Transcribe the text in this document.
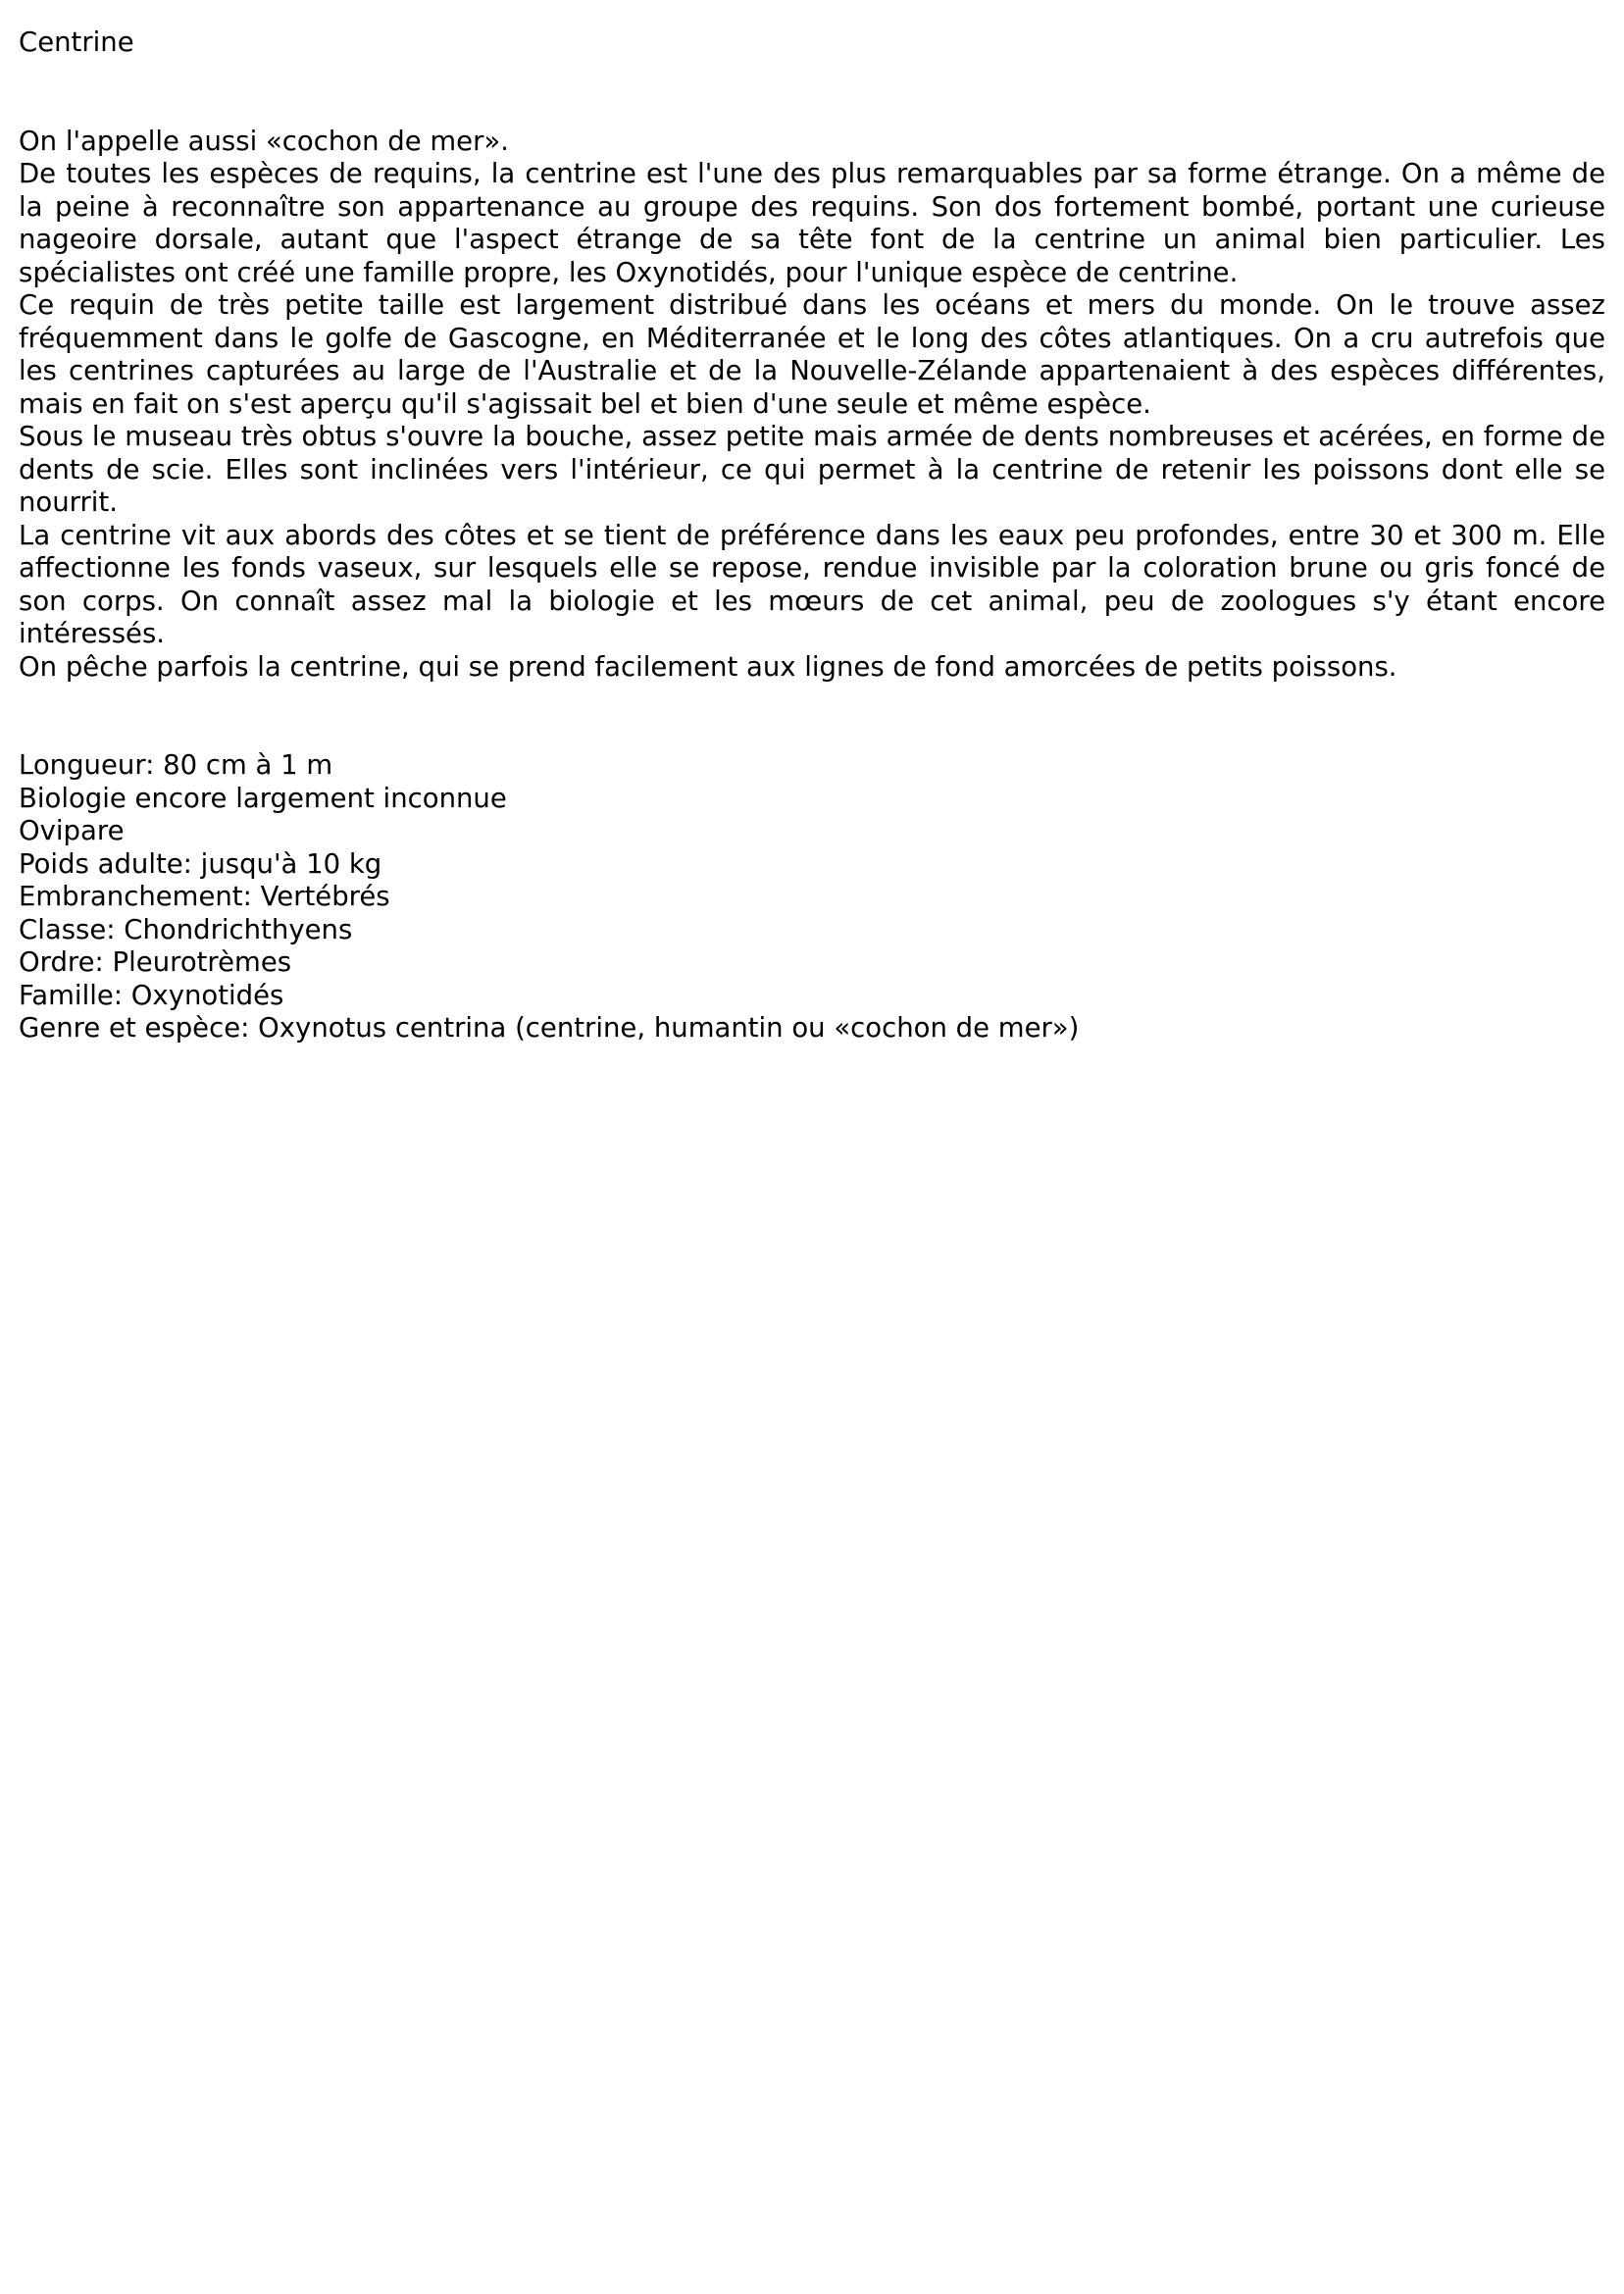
Centrine

On l'appelle aussi «cochon de mer».

De toutes les espèces de requins, la centrine est l'une des plus remarquables par sa forme étrange. On a même de la peine à reconnaître son appartenance au groupe des requins. Son dos fortement bombé, portant une curieuse nageoire dorsale, autant que l'aspect étrange de sa tête font de la centrine un animal bien particulier. Les spécialistes ont créé une famille propre, les Oxynotidés, pour l'unique espèce de centrine.

Ce requin de très petite taille est largement distribué dans les océans et mers du monde. On le trouve assez fréquemment dans le golfe de Gascogne, en Méditerranée et le long des côtes atlantiques. On a cru autrefois que les centrines capturées au large de l'Australie et de la Nouvelle-Zélande appartenaient à des espèces différentes, mais en fait on s'est aperçu qu'il s'agissait bel et bien d'une seule et même espèce.

Sous le museau très obtus s'ouvre la bouche, assez petite mais armée de dents nombreuses et acérées, en forme de dents de scie. Elles sont inclinées vers l'intérieur, ce qui permet à la centrine de retenir les poissons dont elle se nourrit.

La centrine vit aux abords des côtes et se tient de préférence dans les eaux peu profondes, entre 30 et 300 m. Elle affectionne les fonds vaseux, sur lesquels elle se repose, rendue invisible par la coloration brune ou gris foncé de son corps. On connaît assez mal la biologie et les mœurs de cet animal, peu de zoologues s'y étant encore intéressés.

On pêche parfois la centrine, qui se prend facilement aux lignes de fond amorcées de petits poissons.

Longueur: 80 cm à 1 m

Biologie encore largement inconnue

Ovipare

Poids adulte: jusqu'à 10 kg

Embranchement: Vertébrés

Classe: Chondrichthyens

Ordre: Pleurotrèmes

Famille: Oxynotidés

Genre et espèce: Oxynotus centrina (centrine, humantin ou «cochon de mer»)
